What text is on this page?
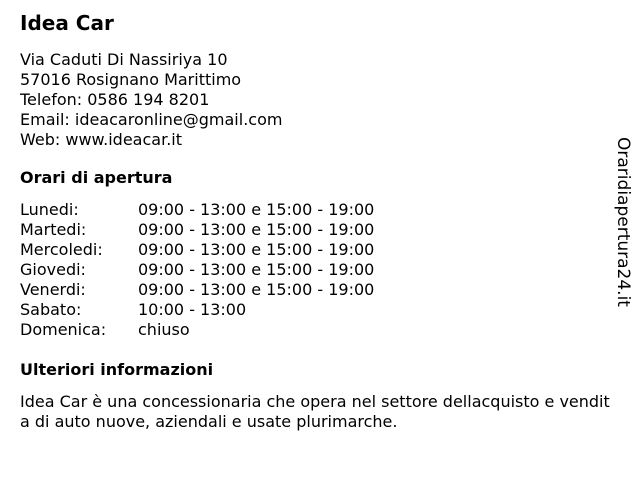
Idea Car
Via Caduti Di Nassiriya 10
57016 Rosignano Marittimo
Telefon: 0586 194 8201
Email: ideacaronline@gmail.com
Web: www.ideacar.it
Orari di apertura
Lunedi:	09:00 - 13:00 e 15:00 - 19:00
Martedi:	09:00 - 13:00 e 15:00 - 19:00
Mercoledi:	09:00 - 13:00 e 15:00 - 19:00
Giovedi:	09:00 - 13:00 e 15:00 - 19:00
Venerdi:	09:00 - 13:00 e 15:00 - 19:00
Sabato:	10:00 - 13:00
Domenica:	chiuso
Ulteriori informazioni
Idea Car è una concessionaria che opera nel settore dellacquisto e vendita di auto nuove, aziendali e usate plurimarche.
Oraridiapertura24.it
